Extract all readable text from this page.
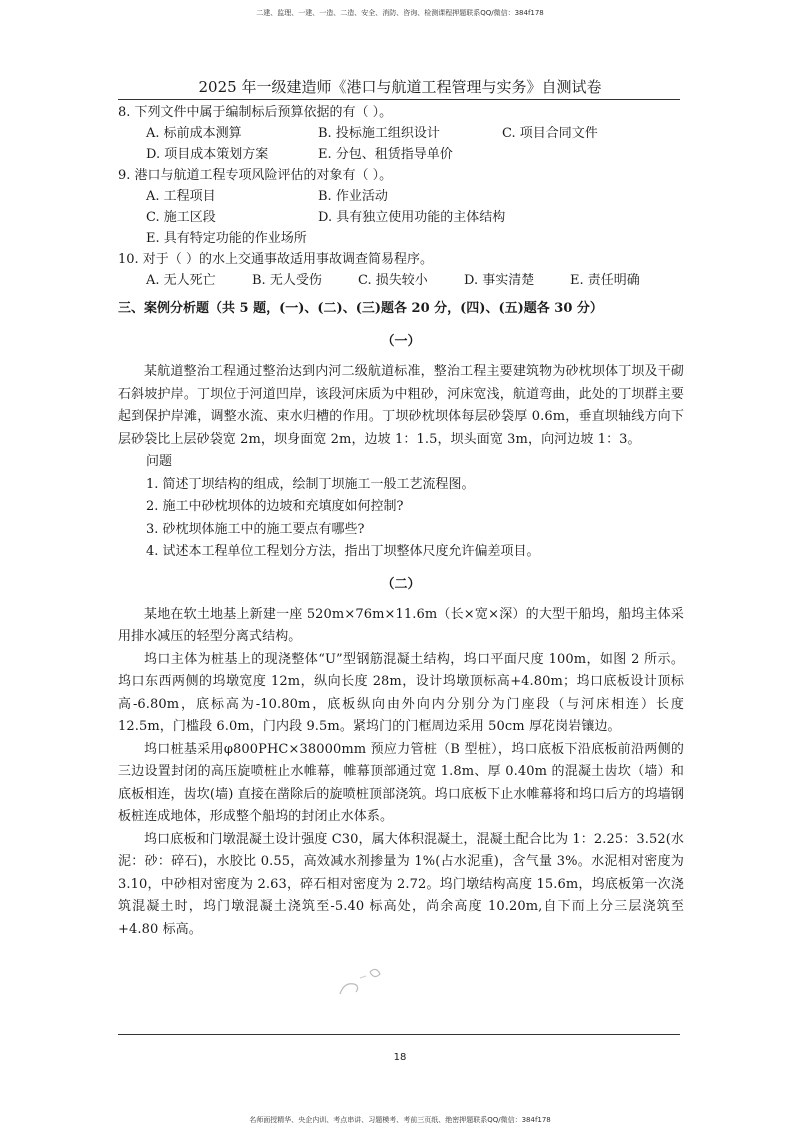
二建、监理、一建、一造、二造、安全、消防、咨询、检测课程押题联系QQ/微信：384f178
2025 年一级建造师《港口与航道工程管理与实务》自测试卷
8. 下列文件中属于编制标后预算依据的有（ ）。
A. 标前成本测算	B. 投标施工组织设计	C. 项目合同文件
D. 项目成本策划方案	E. 分包、租赁指导单价
9. 港口与航道工程专项风险评估的对象有（ ）。
A. 工程项目	B. 作业活动
C. 施工区段	D. 具有独立使用功能的主体结构
E. 具有特定功能的作业场所
10. 对于（ ）的水上交通事故适用事故调查简易程序。
A. 无人死亡	B. 无人受伤	C. 损失较小	D. 事实清楚	E. 责任明确
三、案例分析题（共 5 题，(一)、(二)、(三)题各 20 分，(四)、(五)题各 30 分）
（一）
某航道整治工程通过整治达到内河二级航道标准，整治工程主要建筑物为砂枕坝体丁坝及干砌石斜坡护岸。丁坝位于河道凹岸，该段河床质为中粗砂，河床宽浅，航道弯曲，此处的丁坝群主要起到保护岸滩，调整水流、束水归槽的作用。丁坝砂枕坝体每层砂袋厚 0.6m，垂直坝轴线方向下层砂袋比上层砂袋宽 2m，坝身面宽 2m，边坡 1：1.5，坝头面宽 3m，向河边坡 1：3。
问题
1. 简述丁坝结构的组成，绘制丁坝施工一般工艺流程图。
2. 施工中砂枕坝体的边坡和充填度如何控制?
3. 砂枕坝体施工中的施工要点有哪些?
4. 试述本工程单位工程划分方法，指出丁坝整体尺度允许偏差项目。
（二）
某地在软土地基上新建一座 520m×76m×11.6m（长×宽×深）的大型干船坞，船坞主体采用排水减压的轻型分离式结构。
坞口主体为桩基上的现浇整体“U”型钢筋混凝土结构，坞口平面尺度 100m，如图 2 所示。坞口东西两侧的坞墩宽度 12m，纵向长度 28m，设计坞墩顶标高+4.80m；坞口底板设计顶标高-6.80m，底标高为-10.80m，底板纵向由外向内分别分为门座段（与河床相连）长度 12.5m，门槛段 6.0m，门内段 9.5m。紧坞门的门框周边采用 50cm 厚花岗岩镶边。
坞口桩基采用φ800PHC×38000mm 预应力管桩（B 型桩），坞口底板下沿底板前沿两侧的三边设置封闭的高压旋喷桩止水帷幕，帷幕顶部通过宽 1.8m、厚 0.40m 的混凝土齿坎（墙）和底板相连，齿坎(墙) 直接在凿除后的旋喷桩顶部浇筑。坞口底板下止水帷幕将和坞口后方的坞墙钢板桩连成地体，形成整个船坞的封闭止水体系。
坞口底板和门墩混凝土设计强度 C30，属大体积混凝土，混凝土配合比为 1：2.25：3.52(水泥：砂：碎石)，水胶比 0.55，高效减水剂掺量为 1%(占水泥重)，含气量 3%。水泥相对密度为 3.10，中砂相对密度为 2.63，碎石相对密度为 2.72。坞门墩结构高度 15.6m，坞底板第一次浇筑混凝土时，坞门墩混凝土浇筑至-5.40 标高处，尚余高度 10.20m,自下而上分三层浇筑至+4.80 标高。
18
名师面授精华、央企内训、考点串讲、习题模考、考前三页纸、绝密押题联系QQ/微信：384f178
